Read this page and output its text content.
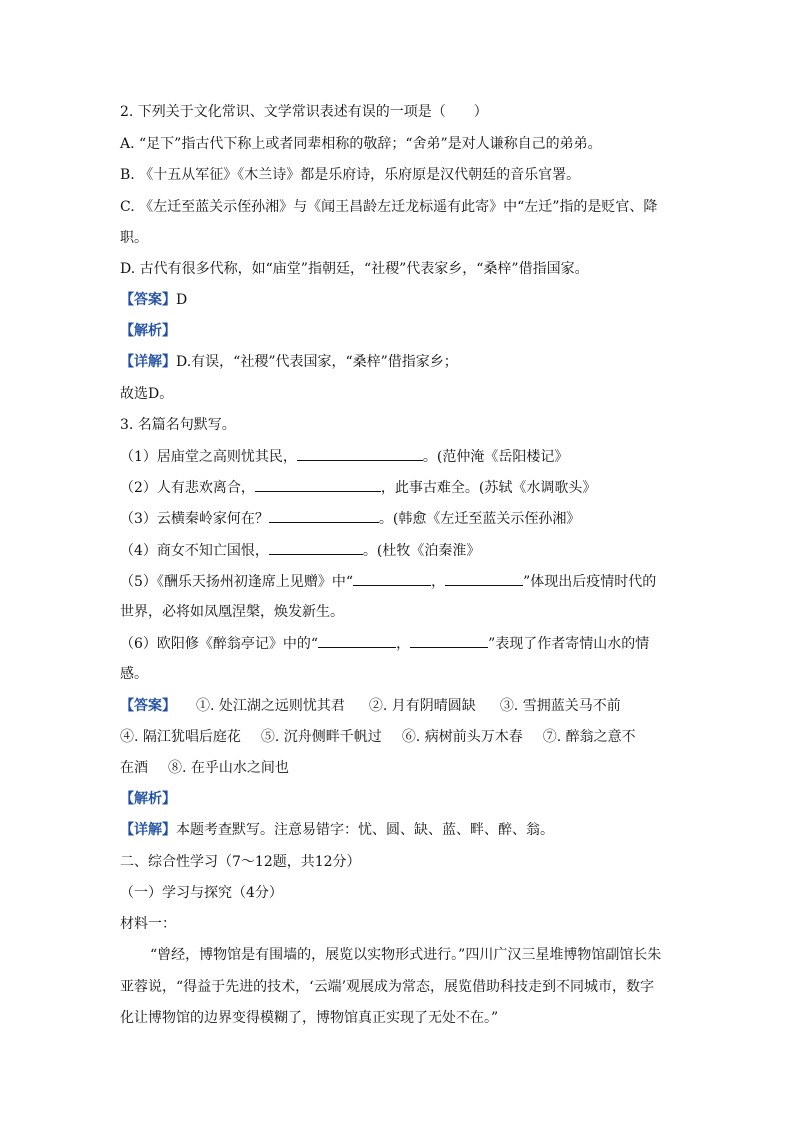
2. 下列关于文化常识、文学常识表述有误的一项是（　　）
A. “足下”指古代下称上或者同辈相称的敬辞；“舍弟”是对人谦称自己的弟弟。
B. 《十五从军征》《木兰诗》都是乐府诗，乐府原是汉代朝廷的音乐官署。
C. 《左迁至蓝关示侄孙湘》与《闻王昌龄左迁龙标遥有此寄》中“左迁”指的是贬官、降
职。
D. 古代有很多代称，如“庙堂”指朝廷，“社稷”代表家乡，“桑梓”借指国家。
【答案】D
【解析】
【详解】D.有误，“社稷”代表国家，“桑梓”借指家乡；
故选D。
3. 名篇名句默写。
（1）居庙堂之高则忧其民，	。(范仲淹《岳阳楼记》
（2）人有悲欢离合，	，此事古难全。(苏轼《水调歌头》
（3）云横秦岭家何在？	。(韩愈《左迁至蓝关示侄孙湘》
（4）商女不知亡国恨，	。(杜牧《泊秦淮》
（5）《酬乐天扬州初逢席上见赠》中“	，	”体现出后疫情时代的
世界，必将如凤凰涅槃，焕发新生。
（6）欧阳修《醉翁亭记》中的“	，	”表现了作者寄情山水的情
感。
【答案】 ①. 处江湖之远则忧其君 ②. 月有阴晴圆缺 ③. 雪拥蓝关马不前
④. 隔江犹唱后庭花 ⑤. 沉舟侧畔千帆过 ⑥. 病树前头万木春 ⑦. 醉翁之意不
在酒 ⑧. 在乎山水之间也
【解析】
【详解】本题考查默写。注意易错字：忧、圆、缺、蓝、畔、醉、翁。
二、综合性学习（7～12题，共12分）
（一）学习与探究（4分）
材料一：
“曾经，博物馆是有围墙的，展览以实物形式进行。”四川广汉三星堆博物馆副馆长朱
亚蓉说，“得益于先进的技术，‘云端’观展成为常态，展览借助科技走到不同城市，数字
化让博物馆的边界变得模糊了，博物馆真正实现了无处不在。”
